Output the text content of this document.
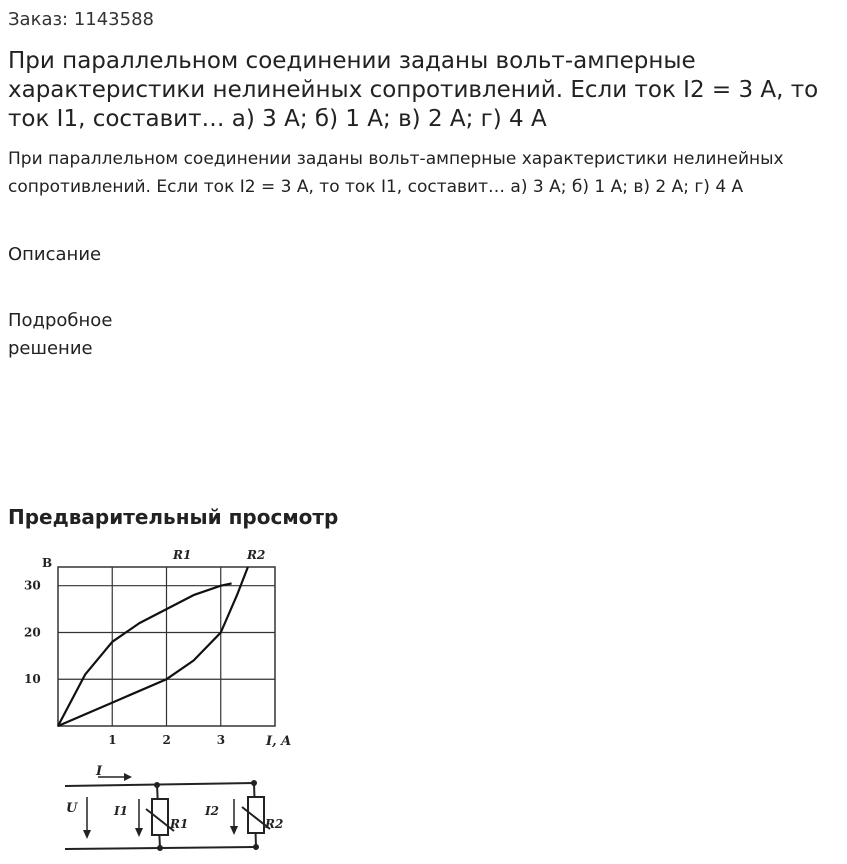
Заказ: 1143588
При параллельном соединении заданы вольт-амперные характеристики нелинейных сопротивлений. Если ток I2 = 3 А, то ток I1, составит… а) 3 А; б) 1 А; в) 2 А; г) 4 А

При параллельном соединении заданы вольт-амперные характеристики нелинейных сопротивлений. Если ток I2 = 3 А, то ток I1, составит… а) 3 А; б) 1 А; в) 2 А; г) 4 А

Описание
Подробное решение
Предварительный просмотр
1	2	3
10
20
30
B
I, A
R1	R2
I
U	I1	I2
R1	R2
